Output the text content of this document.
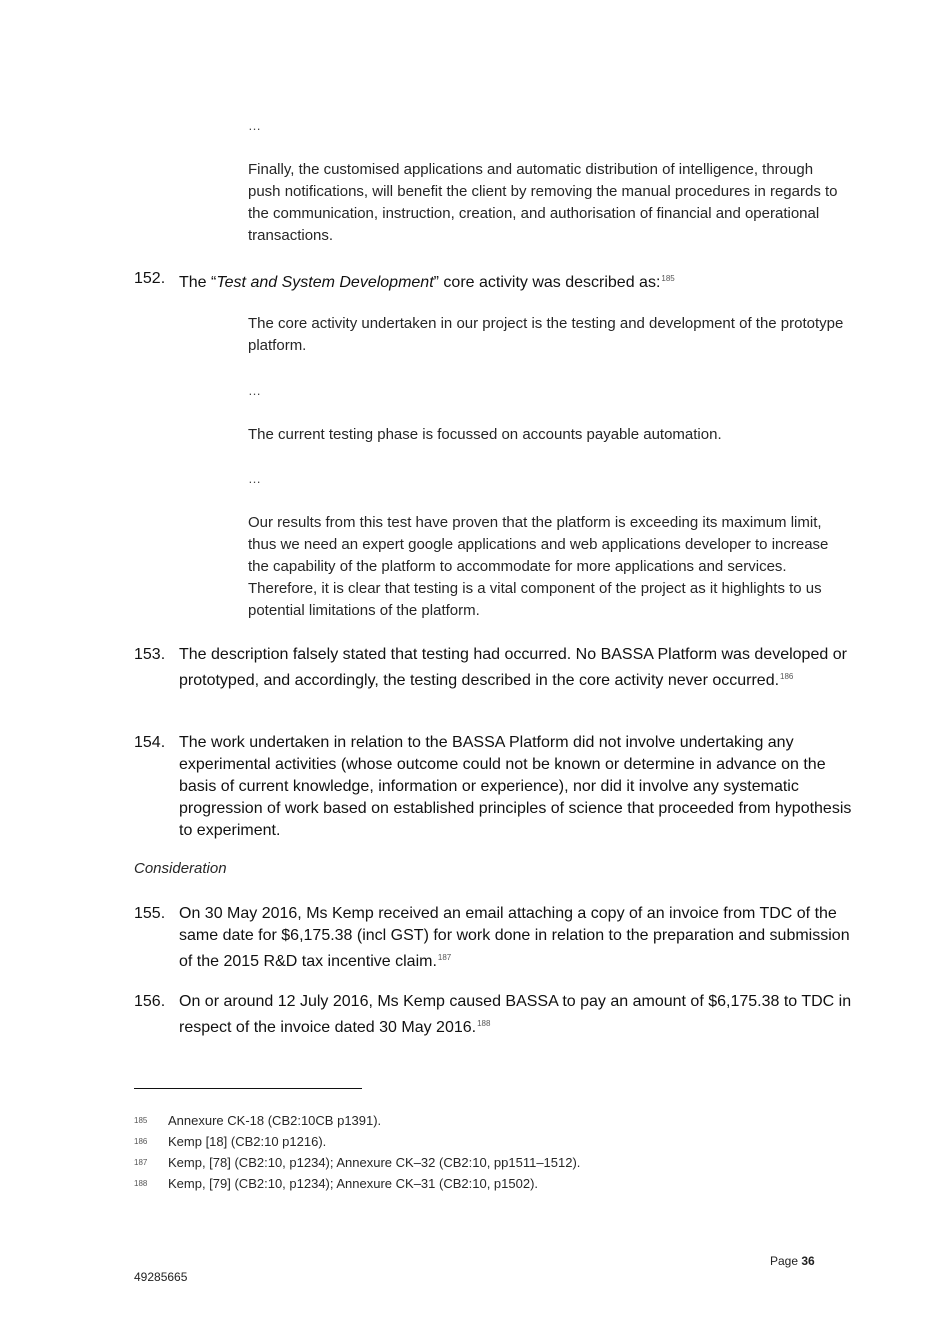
…
Finally, the customised applications and automatic distribution of intelligence, through push notifications, will benefit the client by removing the manual procedures in regards to the communication, instruction, creation, and authorisation of financial and operational transactions.
152. The “Test and System Development” core activity was described as:$^{185}$
The core activity undertaken in our project is the testing and development of the prototype platform.
…
The current testing phase is focussed on accounts payable automation.
…
Our results from this test have proven that the platform is exceeding its maximum limit, thus we need an expert google applications and web applications developer to increase the capability of the platform to accommodate for more applications and services. Therefore, it is clear that testing is a vital component of the project as it highlights to us potential limitations of the platform.
153. The description falsely stated that testing had occurred. No BASSA Platform was developed or prototyped, and accordingly, the testing described in the core activity never occurred.$^{186}$
154. The work undertaken in relation to the BASSA Platform did not involve undertaking any experimental activities (whose outcome could not be known or determine in advance on the basis of current knowledge, information or experience), nor did it involve any systematic progression of work based on established principles of science that proceeded from hypothesis to experiment.
Consideration
155. On 30 May 2016, Ms Kemp received an email attaching a copy of an invoice from TDC of the same date for $6,175.38 (incl GST) for work done in relation to the preparation and submission of the 2015 R&D tax incentive claim.$^{187}$
156. On or around 12 July 2016, Ms Kemp caused BASSA to pay an amount of $6,175.38 to TDC in respect of the invoice dated 30 May 2016.$^{188}$
185 Annexure CK-18 (CB2:10CB p1391).
186 Kemp [18] (CB2:10 p1216).
187 Kemp, [78] (CB2:10, p1234); Annexure CK–32 (CB2:10, pp1511–1512).
188 Kemp, [79] (CB2:10, p1234); Annexure CK–31 (CB2:10, p1502).
Page 36
49285665
